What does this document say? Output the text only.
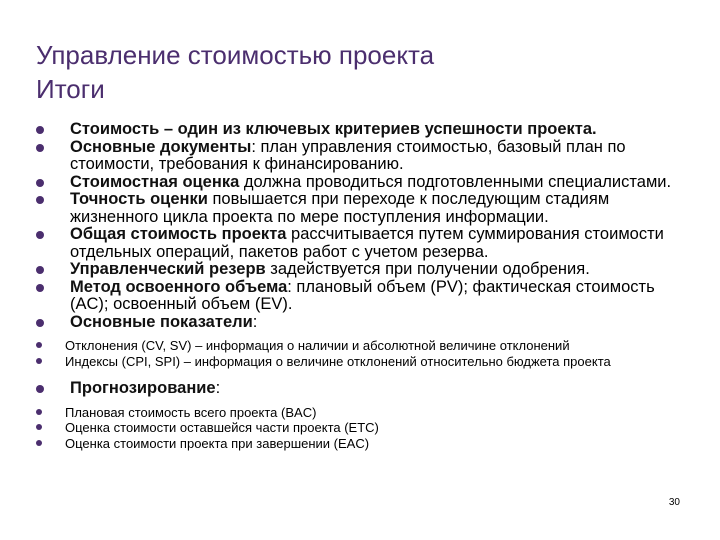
Управление стоимостью проекта
Итоги
Стоимость – один из ключевых критериев успешности проекта.
Основные документы: план управления стоимостью, базовый план по стоимости, требования к финансированию.
Стоимостная оценка должна проводиться подготовленными специалистами.
Точность оценки повышается при переходе к последующим стадиям жизненного цикла проекта по мере поступления информации.
Общая стоимость проекта рассчитывается путем суммирования стоимости отдельных операций, пакетов работ с учетом резерва.
Управленческий резерв задействуется при получении одобрения.
Метод освоенного объема: плановый объем (PV); фактическая стоимость (AC); освоенный объем (EV).
Основные показатели:
Отклонения (CV, SV) – информация о наличии и абсолютной величине отклонений
Индексы (CPI, SPI) – информация о величине отклонений относительно бюджета проекта
Прогнозирование:
Плановая стоимость всего проекта (BAC)
Оценка стоимости оставшейся части проекта (ETC)
Оценка стоимости проекта при завершении (EAC)
30
